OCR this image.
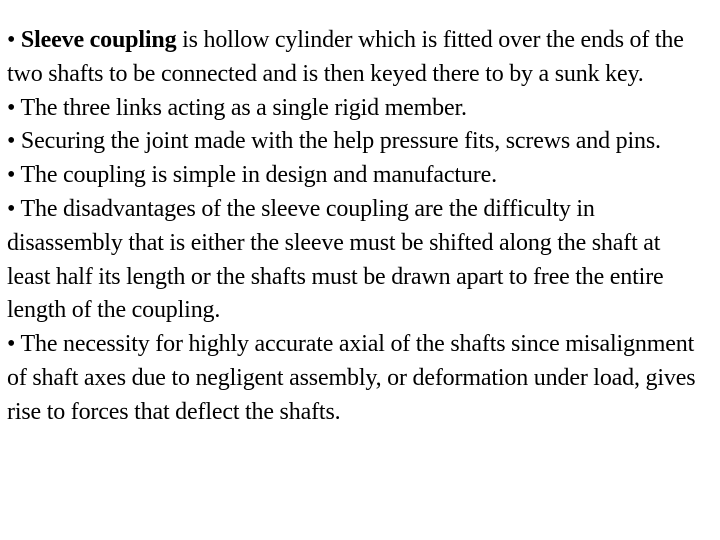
• Sleeve coupling is hollow cylinder which is fitted over the ends of the two shafts to be connected and is then keyed there to by a sunk key.

• The three links acting as a single rigid member.

• Securing the joint made with the help pressure fits, screws and pins.

• The coupling is simple in design and manufacture.

• The disadvantages of the sleeve coupling are the difficulty in disassembly that is either the sleeve must be shifted along the shaft at least half its length or the shafts must be drawn apart to free the entire length of the coupling.

• The necessity for highly accurate axial of the shafts since misalignment of shaft axes due to negligent assembly, or deformation under load, gives rise to forces that deflect the shafts.
